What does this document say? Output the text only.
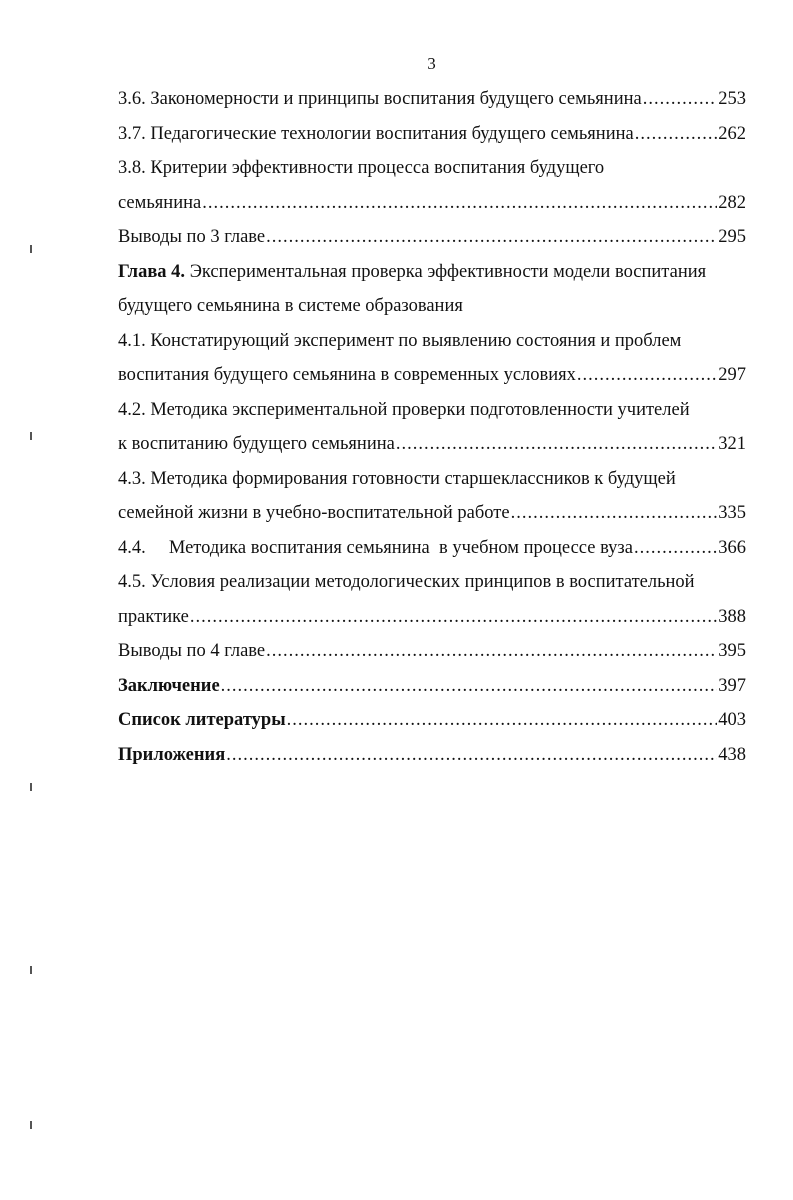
3
3.6. Закономерности и принципы воспитания будущего семьянина .....	253
3.7. Педагогические технологии воспитания будущего семьянина .....	262
3.8. Критерии эффективности процесса воспитания будущего
семьянина .....	282
Выводы по 3 главе .....	295
Глава 4. Экспериментальная проверка эффективности модели воспитания
будущего семьянина в системе образования
4.1. Констатирующий эксперимент по выявлению состояния и проблем
воспитания будущего семьянина в современных условиях .....	297
4.2. Методика экспериментальной проверки подготовленности учителей
к воспитанию будущего семьянина .....	321
4.3. Методика формирования готовности старшеклассников к будущей
семейной жизни в учебно-воспитательной работе .....	335
4.4.     Методика воспитания семьянина  в учебном процессе вуза .....	366
4.5. Условия реализации методологических принципов в воспитательной
практике .....	388
Выводы по 4 главе .....	395
Заключение .....	397
Список литературы .....	403
Приложения .....	438
